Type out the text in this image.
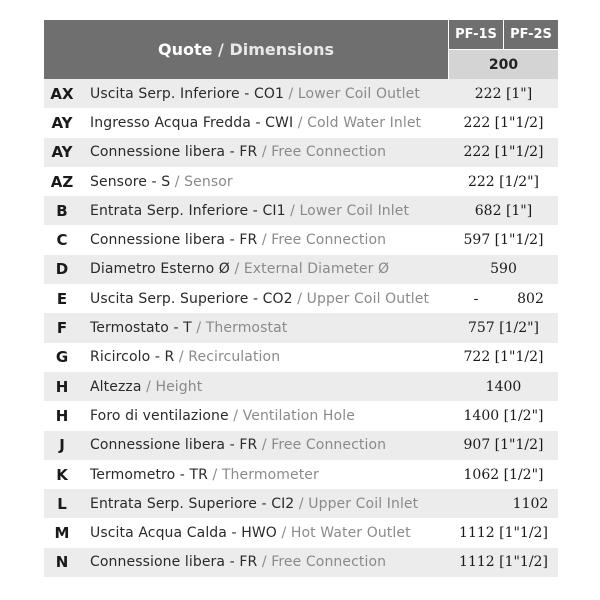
Quote / Dimensions
PF-1S	PF-2S
200
AX	Uscita Serp. Inferiore - CO1 / Lower Coil Outlet	222 [1"]
AY	Ingresso Acqua Fredda - CWI / Cold Water Inlet	222 [1"1/2]
AY	Connessione libera - FR / Free Connection	222 [1"1/2]
AZ	Sensore - S / Sensor	222 [1/2"]
B	Entrata Serp. Inferiore - CI1 / Lower Coil Inlet	682 [1"]
C	Connessione libera - FR / Free Connection	597 [1"1/2]
D	Diametro Esterno Ø / External Diameter Ø	590
E	Uscita Serp. Superiore - CO2 / Upper Coil Outlet	-	802
F	Termostato - T / Thermostat	757 [1/2"]
G	Ricircolo - R / Recirculation	722 [1"1/2]
H	Altezza / Height	1400
H	Foro di ventilazione / Ventilation Hole	1400 [1/2"]
J	Connessione libera - FR / Free Connection	907 [1"1/2]
K	Termometro - TR / Thermometer	1062 [1/2"]
L	Entrata Serp. Superiore - CI2 / Upper Coil Inlet	1102
M	Uscita Acqua Calda - HWO / Hot Water Outlet	1112 [1"1/2]
N	Connessione libera - FR / Free Connection	1112 [1"1/2]
